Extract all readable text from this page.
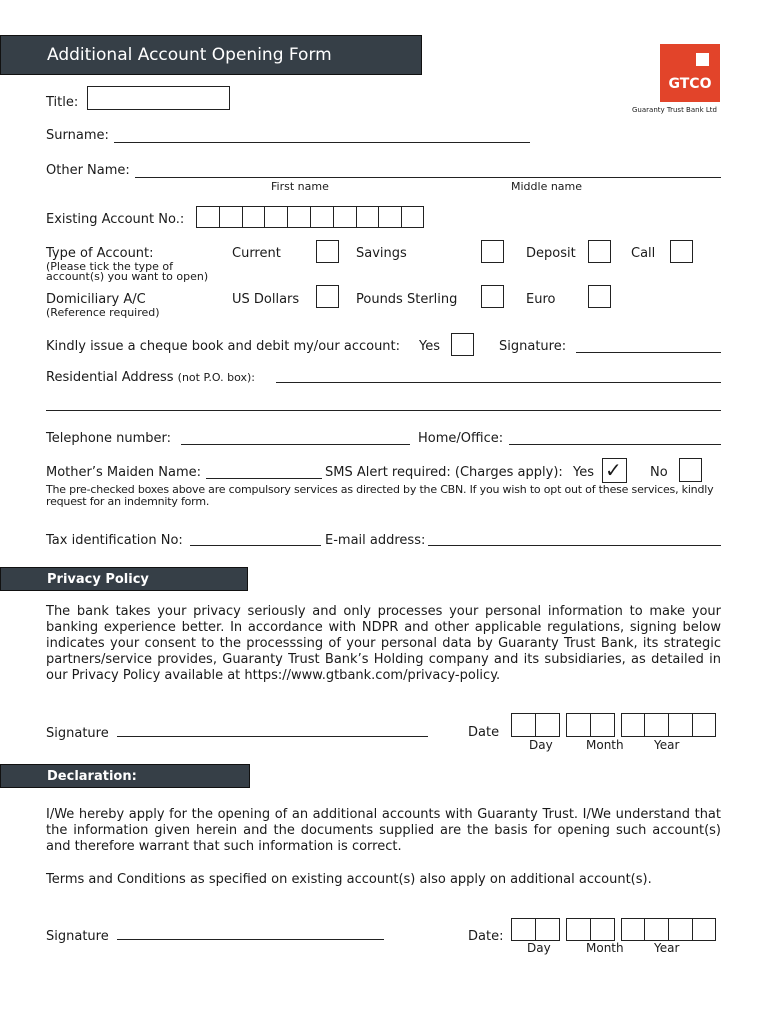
Additional Account Opening Form
GTCO
Guaranty Trust Bank Ltd
Title:
Surname:
Other Name:
First name	Middle name
Existing Account No.:
Type of Account:
(Please tick the type of account(s) you want to open)
Current	Savings	Deposit	Call
Domiciliary A/C
(Reference required)
US Dollars	Pounds Sterling	Euro
Kindly issue a cheque book and debit my/our account: Yes	Signature:
Residential Address (not P.O. box):
Telephone number:	Home/Office:
Mother’s Maiden Name:	SMS Alert required: (Charges apply): Yes ✓ No
The pre-checked boxes above are compulsory services as directed by the CBN. If you wish to opt out of these services, kindly request for an indemnity form.
Tax identification No:	E-mail address:
Privacy Policy
The bank takes your privacy seriously and only processes your personal information to make your banking experience better. In accordance with NDPR and other applicable regulations, signing below indicates your consent to the processsing of your personal data by Guaranty Trust Bank, its strategic partners/service provides, Guaranty Trust Bank’s Holding company and its subsidiaries, as detailed in our Privacy Policy available at https://www.gtbank.com/privacy-policy.
Signature	Date
Day	Month	Year
Declaration:
I/We hereby apply for the opening of an additional accounts with Guaranty Trust. I/We understand that the information given herein and the documents supplied are the basis for opening such account(s) and therefore warrant that such information is correct.
Terms and Conditions as specified on existing account(s) also apply on additional account(s).
Signature	Date:
Day	Month	Year
